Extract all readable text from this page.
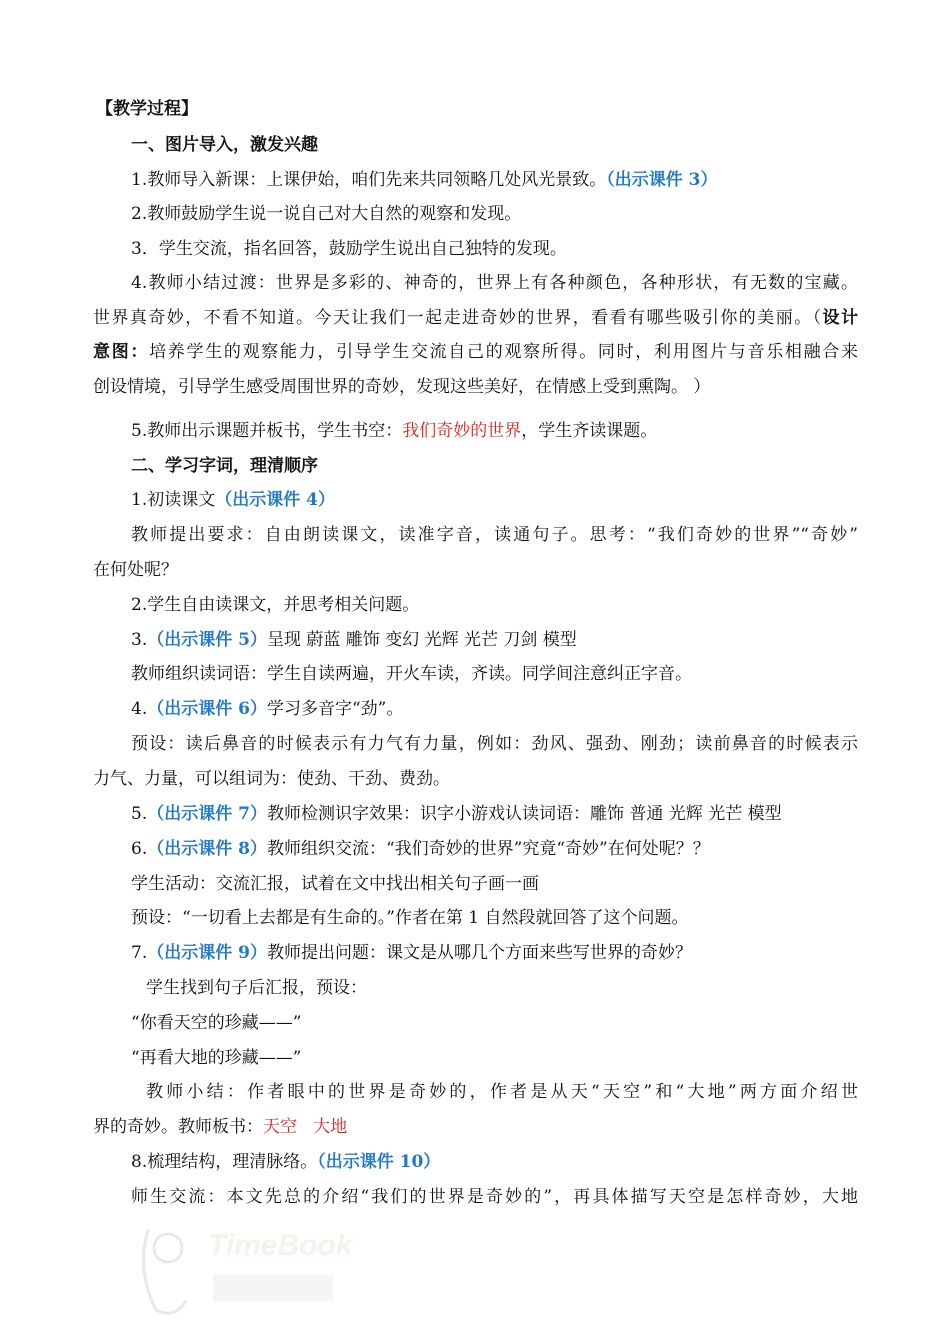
【教学过程】
一、图片导入，激发兴趣
1.教师导入新课：上课伊始，咱们先来共同领略几处风光景致。（出示课件 3）
2.教师鼓励学生说一说自己对大自然的观察和发现。
3．学生交流，指名回答，鼓励学生说出自己独特的发现。
4.教师小结过渡：世界是多彩的、神奇的，世界上有各种颜色，各种形状，有无数的宝藏。
世界真奇妙，不看不知道。今天让我们一起走进奇妙的世界，看看有哪些吸引你的美丽。（设计
意图：培养学生的观察能力，引导学生交流自己的观察所得。同时，利用图片与音乐相融合来
创设情境，引导学生感受周围世界的奇妙，发现这些美好，在情感上受到熏陶。 ）
5.教师出示课题并板书，学生书空：我们奇妙的世界，学生齐读课题。
二、学习字词，理清顺序
1.初读课文（出示课件 4）
教师提出要求：自由朗读课文，读准字音，读通句子。思考：“我们奇妙的世界”“奇妙”
在何处呢？
2.学生自由读课文，并思考相关问题。
3.（出示课件 5）呈现 蔚蓝 雕饰 变幻 光辉 光芒 刀剑 模型
教师组织读词语：学生自读两遍，开火车读，齐读。同学间注意纠正字音。
4.（出示课件 6）学习多音字“劲”。
预设：读后鼻音的时候表示有力气有力量，例如：劲风、强劲、刚劲；读前鼻音的时候表示
力气、力量，可以组词为：使劲、干劲、费劲。
5.（出示课件 7）教师检测识字效果：识字小游戏认读词语：雕饰 普通 光辉 光芒 模型
6.（出示课件 8）教师组织交流：“我们奇妙的世界”究竟“奇妙”在何处呢？？
学生活动：交流汇报，试着在文中找出相关句子画一画
预设：“一切看上去都是有生命的。”作者在第 1 自然段就回答了这个问题。
7.（出示课件 9）教师提出问题：课文是从哪几个方面来些写世界的奇妙？
学生找到句子后汇报，预设：
“你看天空的珍藏——”
“再看大地的珍藏——”
教师小结：作者眼中的世界是奇妙的，作者是从天“天空”和“大地”两方面介绍世
界的奇妙。教师板书：天空   大地
8.梳理结构，理清脉络。（出示课件 10）
师生交流：本文先总的介绍“我们的世界是奇妙的”，再具体描写天空是怎样奇妙，大地
TimeBook
